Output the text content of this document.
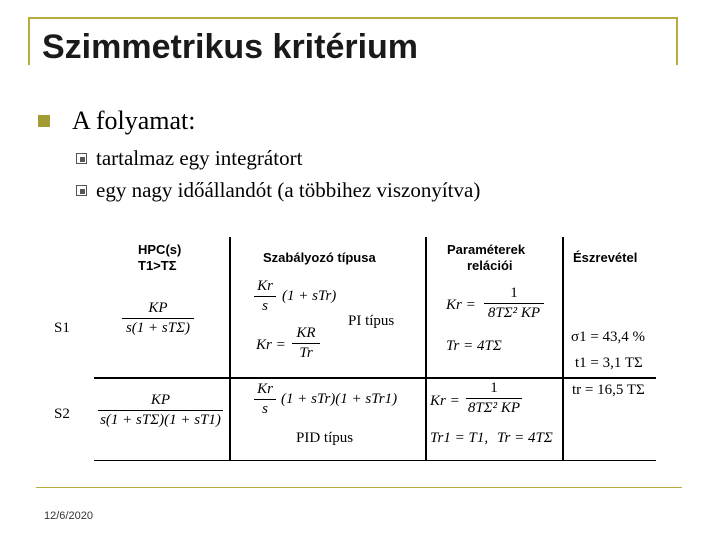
Szimmetrikus kritérium
A folyamat:
tartalmaz egy integrátort
egy nagy időállandót (a többihez viszonyítva)
HPC(s)
T1>TΣ
Szabályozó típusa
Paraméterek
relációi
Észrevétel
S1
KP
s(1 + sTΣ)
Kr
s
(1 + sTr)
PI típus
Kr =
KR
Tr
Kr =
1
8TΣ² KP
Tr = 4TΣ
σ1 = 43,4 %
t1 = 3,1 TΣ
tr = 16,5 TΣ
S2
KP
s(1 + sTΣ)(1 + sT1)
Kr
s
(1 + sTr)(1 + sTr1)
PID típus
Kr =
1
8TΣ² KP
Tr1 = T1, Tr = 4TΣ
12/6/2020
